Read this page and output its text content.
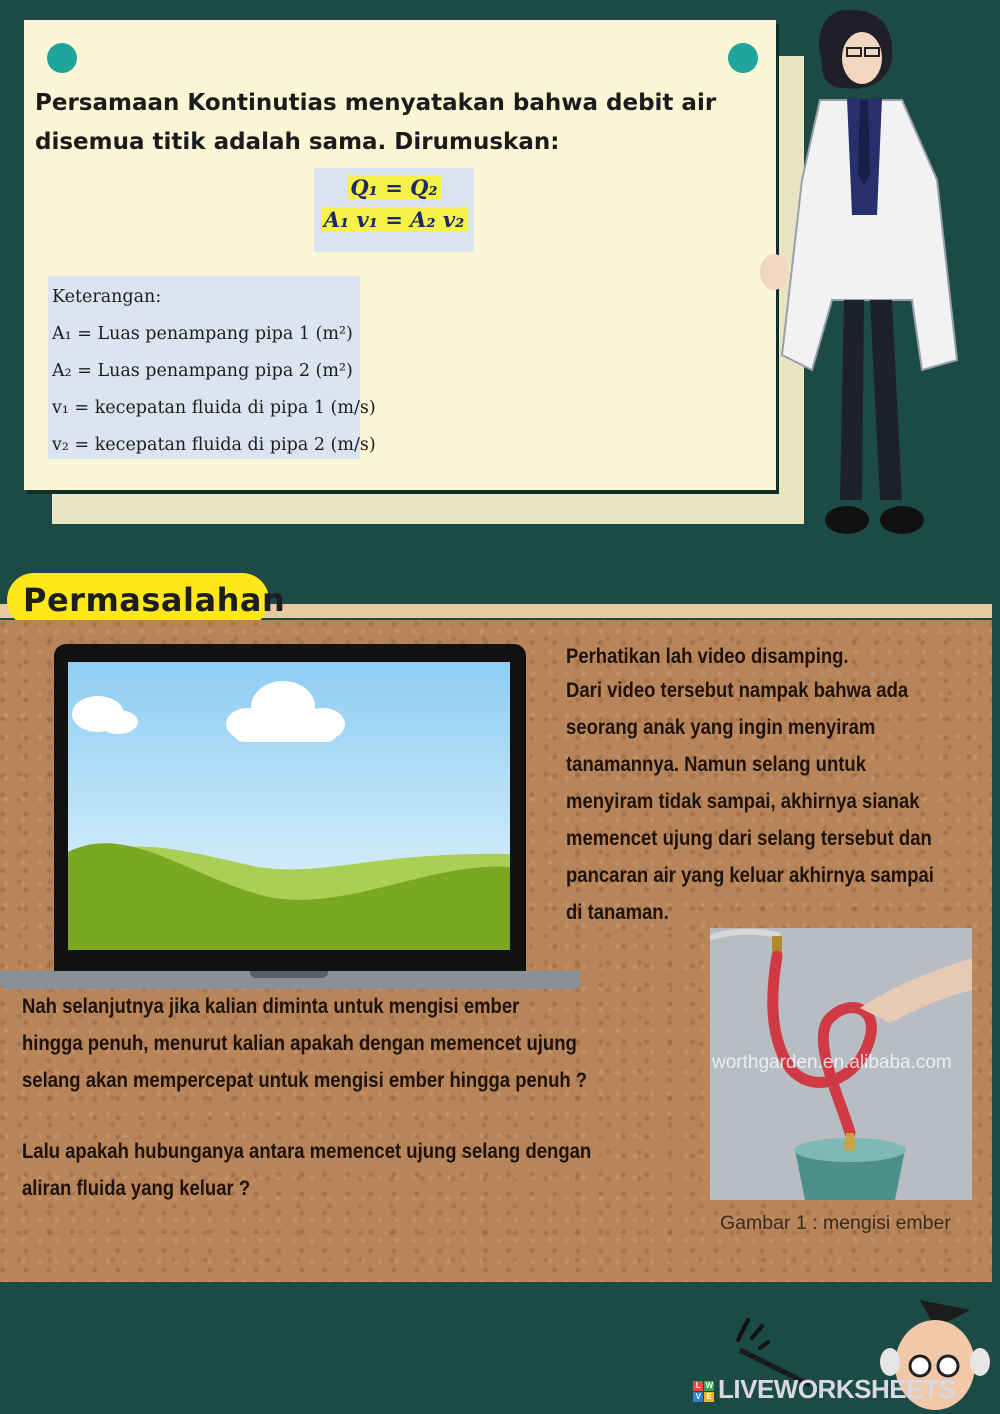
Persamaan Kontinutias menyatakan bahwa debit air
disemua titik adalah sama. Dirumuskan:
Q₁ = Q₂
A₁ v₁ = A₂ v₂
Keterangan:
A₁ = Luas penampang pipa 1 (m²)
A₂ = Luas penampang pipa 2 (m²)
v₁ = kecepatan fluida di pipa 1 (m/s)
v₂ = kecepatan fluida di pipa 2 (m/s)
Permasalahan
Perhatikan lah video disamping.
Dari video tersebut nampak bahwa ada
seorang anak yang ingin menyiram
tanamannya. Namun selang untuk
menyiram tidak sampai, akhirnya sianak
memencet ujung dari selang tersebut dan
pancaran air yang keluar akhirnya sampai
di tanaman.
Nah selanjutnya jika kalian diminta untuk mengisi ember
hingga penuh, menurut kalian apakah dengan memencet ujung
selang akan mempercepat untuk mengisi ember hingga penuh ?
Lalu apakah hubunganya antara memencet ujung selang dengan
aliran fluida yang keluar ?
worthgarden.en.alibaba.com
Gambar 1 : mengisi ember
L W
V E LIVEWORKSHEETS
